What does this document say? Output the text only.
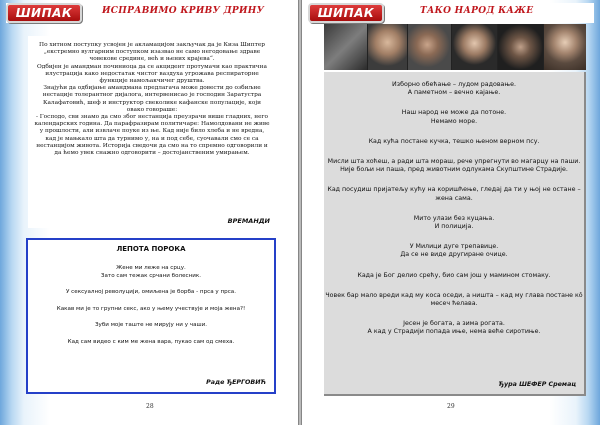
ШИПАК	ИСПРАВИМО КРИВУ ДРИНУ

По хитном поступку усвојен је акламацијом закључак да је Киза Шиптер „екстремно вулгарним поступком изазвао не само негодовање здраве човекове средине, већ и њених крајева“.

Одбијен је амандман починиоца да се акцидент протумачи као практична илустрација како недостатак чистог ваздуха угрожава респираторне функције намољакчичег друштва.

Знајући да одбијање амандмана предлагача може довести до озбиљне нестације толерантног дијалога, интервенисао је господин Заратустра Калафатовић, шеф и инструктор свеколике кафанске популације, који овако говораше:

- Господо, сви знамо да смо због нестанција преузрачи више гладних, него календарских година. Да парафразирам политичаре: Намолдовани не живе у прошлости, али извлаче поуке из ње. Кад није било хлеба и не вредна, кад је мањкало шта да турнимо у, на и под себе, суочавали смо се са нестанцијом живота. Историја сведочи да смо на то спремно одговорили и да ћемо увек снажно одговорити – достојанственим умирањем.

ВРЕМАНДИ
ЛЕПОТА ПОРОКА
Жене ми леже на срцу.
Зато сам тежак срчани болесник.
У сексуалној револуцији, омиљена је борба - прса у прса.
Какав ми је то групни секс, ако у њему учествује и моја жена?!
Зуби моје таште не мирују ни у чаши.
Кад сам видео с ким ме жена вара, пукао сам од смеха.
Раде ЂЕРГОВИЋ
28
ШИПАК	ТАКО НАРОД КАЖЕ
Изборно обећање – лудом радовање.
А паметном – вечно кајање.
Наш народ не може да потоне.
Немамо море.
Кад кућа постане кучка, тешко њеном верном псу.
Мисли шта хоћеш, а ради шта мораш, рече упрегнути во магарцу на паши.
Није бољи ни паша, пред животним одлукама Скупштине Стрaдије.
Кад посудиш пријатељу кућу на коришћење, гледај да ти у њој не остане – жена сама.
Мито улази без куцања.
И полиција.
У Милици дуге трепавице.
Да се не виде другиране очице.
Када је Бог делио срећу, био сам још у мамином стомаку.
Човек бар мало вреди кад му коса оседи, а ништа – кад му глава постане кô месеч ћелава.
Јесен је богата, а зима рогата.
А кад у Страдији попада иње, нема веће сиротиње.
Ђура ШЕФЕР Сремац
29
